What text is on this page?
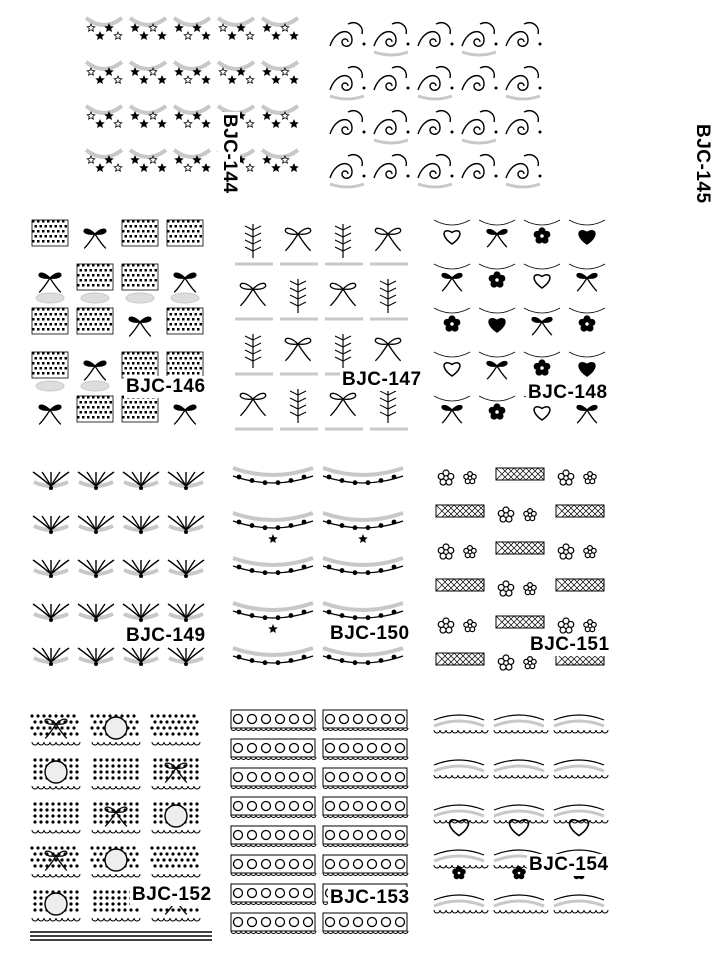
BJC-144	BJC-145
BJC-146	BJC-147
BJC-148
BJC-149	BJC-150
BJC-151
BJC-152	BJC-153
BJC-154
